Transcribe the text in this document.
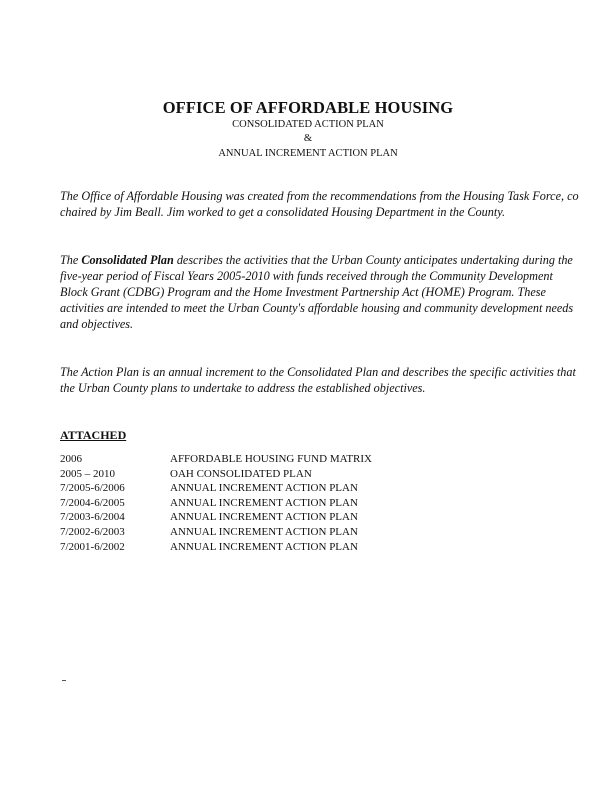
OFFICE OF AFFORDABLE HOUSING
CONSOLIDATED ACTION PLAN
&
ANNUAL INCREMENT ACTION PLAN

The Office of Affordable Housing was created from the recommendations from the Housing Task Force, co chaired by Jim Beall. Jim worked to get a consolidated Housing Department in the County.

The Consolidated Plan describes the activities that the Urban County anticipates undertaking during the five-year period of Fiscal Years 2005-2010 with funds received through the Community Development Block Grant (CDBG) Program and the Home Investment Partnership Act (HOME) Program. These activities are intended to meet the Urban County's affordable housing and community development needs and objectives.

The Action Plan is an annual increment to the Consolidated Plan and describes the specific activities that the Urban County plans to undertake to address the established objectives.

ATTACHED
2006	AFFORDABLE HOUSING FUND MATRIX
2005 – 2010	OAH CONSOLIDATED PLAN
7/2005-6/2006	ANNUAL INCREMENT ACTION PLAN
7/2004-6/2005	ANNUAL INCREMENT ACTION PLAN
7/2003-6/2004	ANNUAL INCREMENT ACTION PLAN
7/2002-6/2003	ANNUAL INCREMENT ACTION PLAN
7/2001-6/2002	ANNUAL INCREMENT ACTION PLAN
